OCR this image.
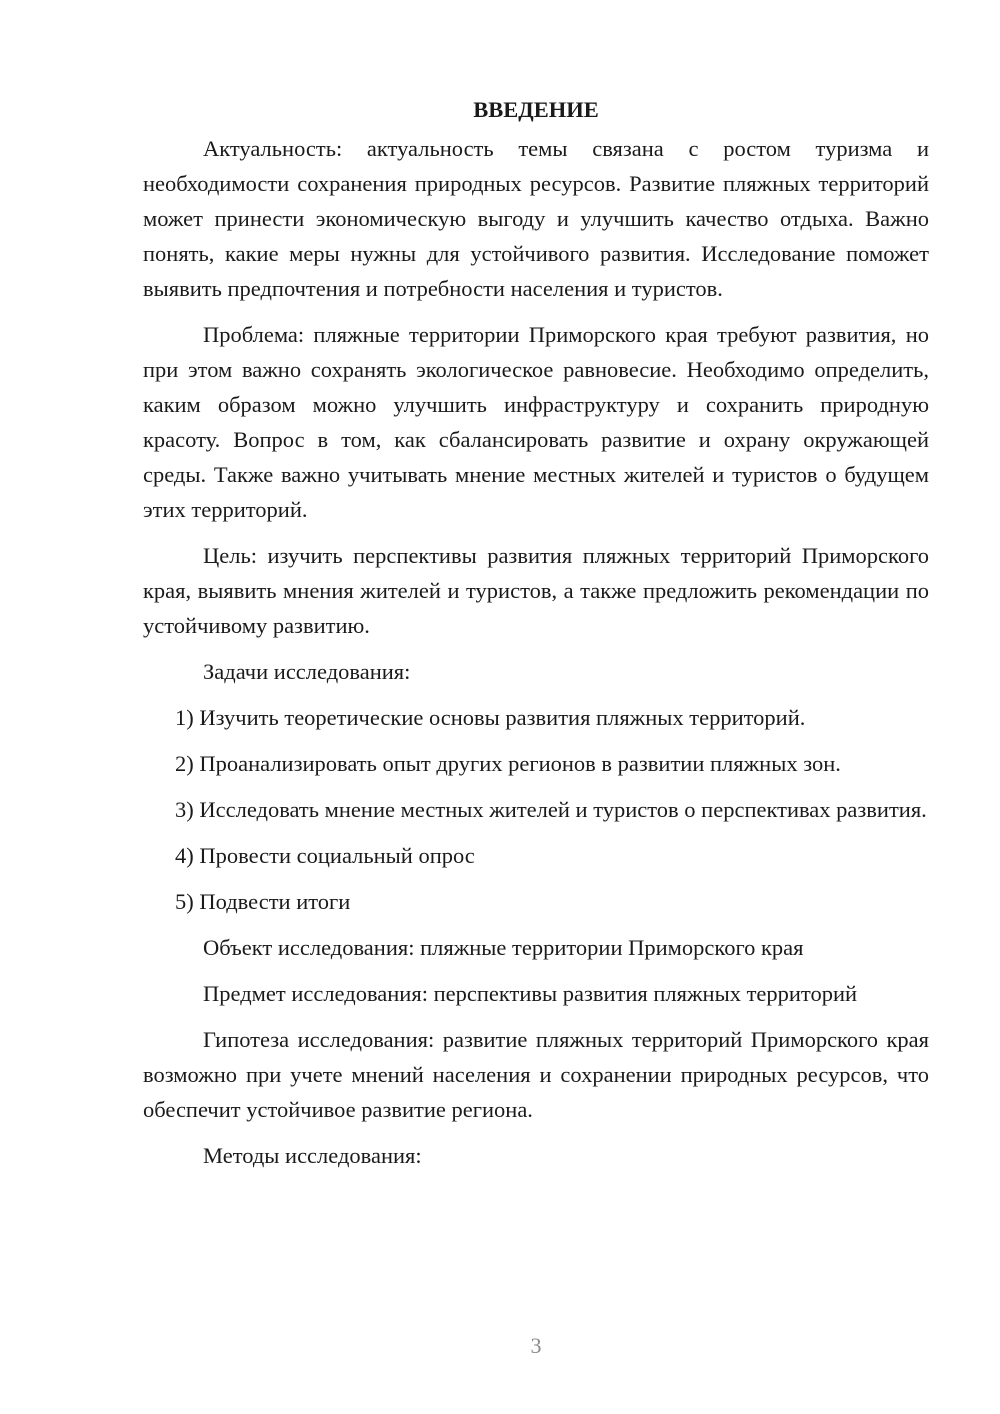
ВВЕДЕНИЕ

Актуальность: актуальность темы связана с ростом туризма и необходимости сохранения природных ресурсов. Развитие пляжных территорий может принести экономическую выгоду и улучшить качество отдыха. Важно понять, какие меры нужны для устойчивого развития. Исследование поможет выявить предпочтения и потребности населения и туристов.

Проблема: пляжные территории Приморского края требуют развития, но при этом важно сохранять экологическое равновесие. Необходимо определить, каким образом можно улучшить инфраструктуру и сохранить природную красоту. Вопрос в том, как сбалансировать развитие и охрану окружающей среды. Также важно учитывать мнение местных жителей и туристов о будущем этих территорий.

Цель: изучить перспективы развития пляжных территорий Приморского края, выявить мнения жителей и туристов, а также предложить рекомендации по устойчивому развитию.

Задачи исследования:

1) Изучить теоретические основы развития пляжных территорий.

2) Проанализировать опыт других регионов в развитии пляжных зон.

3) Исследовать мнение местных жителей и туристов о перспективах развития.

4) Провести социальный опрос

5) Подвести итоги

Объект исследования: пляжные территории Приморского края
Предмет исследования: перспективы развития пляжных территорий

Гипотеза исследования: развитие пляжных территорий Приморского края возможно при учете мнений населения и сохранении природных ресурсов, что обеспечит устойчивое развитие региона.

Методы исследования:
3
